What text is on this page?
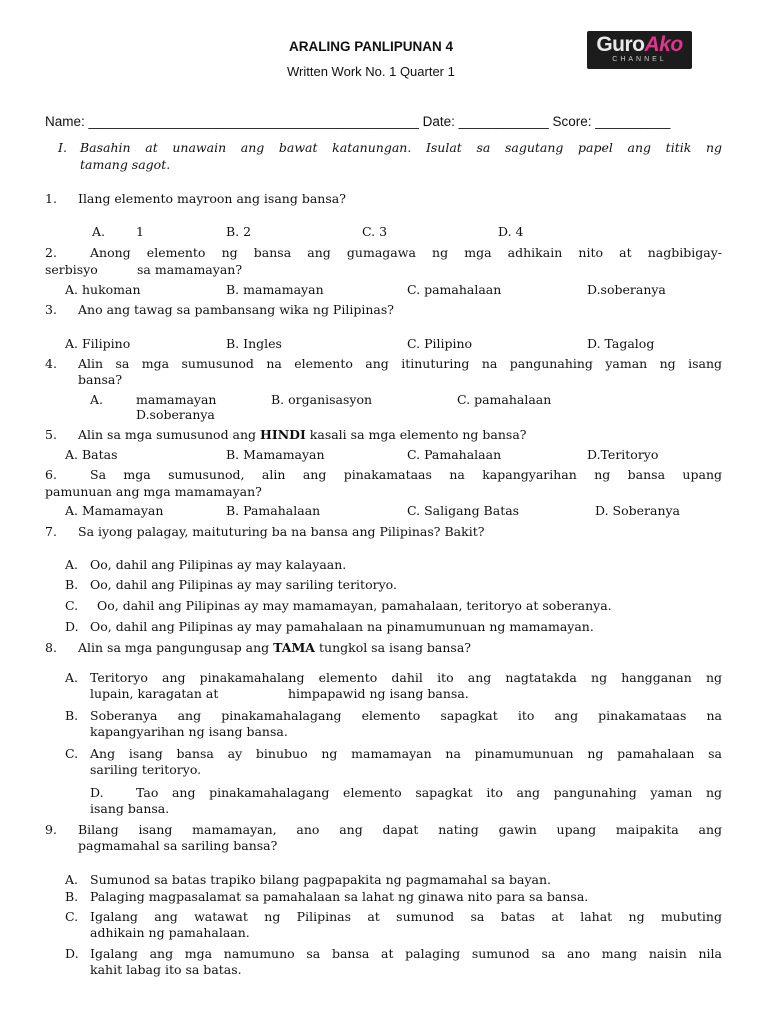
ARALING PANLIPUNAN 4
Written Work No. 1 Quarter 1
GuroAko
CHANNEL
Name: ____________________________________________ Date: ____________ Score: __________
I. Basahin at unawain ang bawat katanungan. Isulat sa sagutang papel ang titik ng
tamang sagot.
1. Ilang elemento mayroon ang isang bansa?
A. 1	B. 2	C. 3	D. 4
2.	Anong elemento ng bansa ang gumagawa ng mga adhikain nito at nagbibigay-
serbisyo	sa mamamayan?
A. hukoman	B. mamamayan	C. pamahalaan	D.soberanya
3. Ano ang tawag sa pambansang wika ng Pilipinas?
A. Filipino	B. Ingles	C. Pilipino	D. Tagalog
4. Alin sa mga sumusunod na elemento ang itinuturing na pangunahing yaman ng isang
bansa?
A.	mamamayan	B. organisasyon	C. pamahalaan
D.soberanya
5. Alin sa mga sumusunod ang HINDI kasali sa mga elemento ng bansa?
A. Batas	B. Mamamayan	C. Pamahalaan	D.Teritoryo
6.	Sa mga sumusunod, alin ang pinakamataas na kapangyarihan ng bansa upang
pamunuan ang mga mamamayan?
A. Mamamayan	B. Pamahalaan	C. Saligang Batas	D. Soberanya
7. Sa iyong palagay, maituturing ba na bansa ang Pilipinas? Bakit?
A. Oo, dahil ang Pilipinas ay may kalayaan.
B. Oo, dahil ang Pilipinas ay may sariling teritoryo.
C. Oo, dahil ang Pilipinas ay may mamamayan, pamahalaan, teritoryo at soberanya.
D. Oo, dahil ang Pilipinas ay may pamahalaan na pinamumunuan ng mamamayan.
8. Alin sa mga pangungusap ang TAMA tungkol sa isang bansa?
A. Teritoryo ang pinakamahalang elemento dahil ito ang nagtatakda ng hangganan ng
lupain, karagatan at	himpapawid ng isang bansa.
B. Soberanya ang pinakamahalagang elemento sapagkat ito ang pinakamataas na
kapangyarihan ng isang bansa.
C. Ang isang bansa ay binubuo ng mamamayan na pinamumunuan ng pamahalaan sa
sariling teritoryo.
D.	Tao ang pinakamahalagang elemento sapagkat ito ang pangunahing yaman ng
isang bansa.
9. Bilang isang mamamayan, ano ang dapat nating gawin upang maipakita ang
pagmamahal sa sariling bansa?
A. Sumunod sa batas trapiko bilang pagpapakita ng pagmamahal sa bayan.
B. Palaging magpasalamat sa pamahalaan sa lahat ng ginawa nito para sa bansa.
C. Igalang ang watawat ng Pilipinas at sumunod sa batas at lahat ng mubuting
adhikain ng pamahalaan.
D. Igalang ang mga namumuno sa bansa at palaging sumunod sa ano mang naisin nila
kahit labag ito sa batas.
